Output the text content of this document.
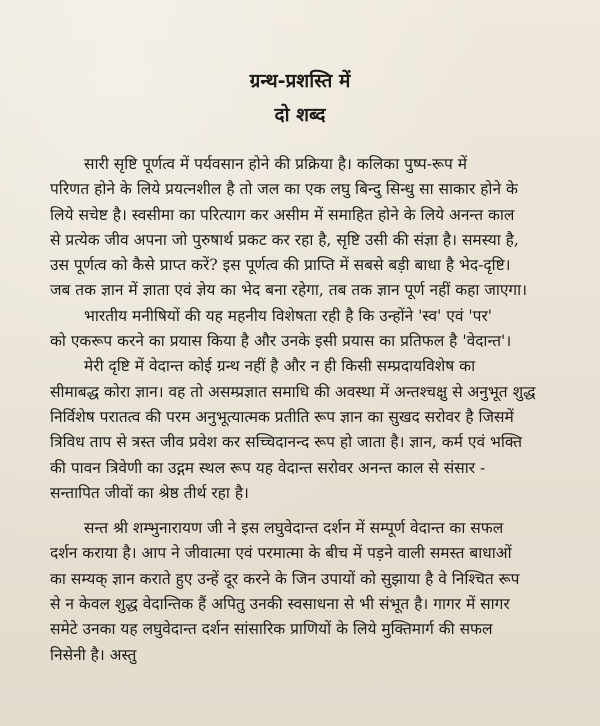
ग्रन्थ-प्रशस्ति में
दो शब्द
सारी सृष्टि पूर्णत्व में पर्यवसान होने की प्रक्रिया है। कलिका पुष्प-रूप में
परिणत होने के लिये प्रयत्नशील है तो जल का एक लघु बिन्दु सिन्धु सा साकार होने के
लिये सचेष्ट है। स्वसीमा का परित्याग कर असीम में समाहित होने के लिये अनन्त काल
से प्रत्येक जीव अपना जो पुरुषार्थ प्रकट कर रहा है, सृष्टि उसी की संज्ञा है। समस्या है,
उस पूर्णत्व को कैसे प्राप्त करें? इस पूर्णत्व की प्राप्ति में सबसे बड़ी बाधा है भेद-दृष्टि।
जब तक ज्ञान में ज्ञाता एवं ज्ञेय का भेद बना रहेगा, तब तक ज्ञान पूर्ण नहीं कहा जाएगा।
भारतीय मनीषियों की यह महनीय विशेषता रही है कि उन्होंने 'स्व' एवं 'पर'
को एकरूप करने का प्रयास किया है और उनके इसी प्रयास का प्रतिफल है 'वेदान्त'।
मेरी दृष्टि में वेदान्त कोई ग्रन्थ नहीं है और न ही किसी सम्प्रदायविशेष का
सीमाबद्ध कोरा ज्ञान। वह तो असम्प्रज्ञात समाधि की अवस्था में अन्तश्चक्षु से अनुभूत शुद्ध
निर्विशेष परातत्व की परम अनुभूत्यात्मक प्रतीति रूप ज्ञान का सुखद सरोवर है जिसमें
त्रिविध ताप से त्रस्त जीव प्रवेश कर सच्चिदानन्द रूप हो जाता है। ज्ञान, कर्म एवं भक्ति
की पावन त्रिवेणी का उद्गम स्थल रूप यह वेदान्त सरोवर अनन्त काल से संसार -
सन्तापित जीवों का श्रेष्ठ तीर्थ रहा है।
सन्त श्री शम्भुनारायण जी ने इस लघुवेदान्त दर्शन में सम्पूर्ण वेदान्त का सफल
दर्शन कराया है। आप ने जीवात्मा एवं परमात्मा के बीच में पड़ने वाली समस्त बाधाओं
का सम्यक् ज्ञान कराते हुए उन्हें दूर करने के जिन उपायों को सुझाया है वे निश्चित रूप
से न केवल शुद्ध वेदान्तिक हैं अपितु उनकी स्वसाधना से भी संभूत है। गागर में सागर
समेटे उनका यह लघुवेदान्त दर्शन सांसारिक प्राणियों के लिये मुक्तिमार्ग की सफल
निसेनी है। अस्तु
